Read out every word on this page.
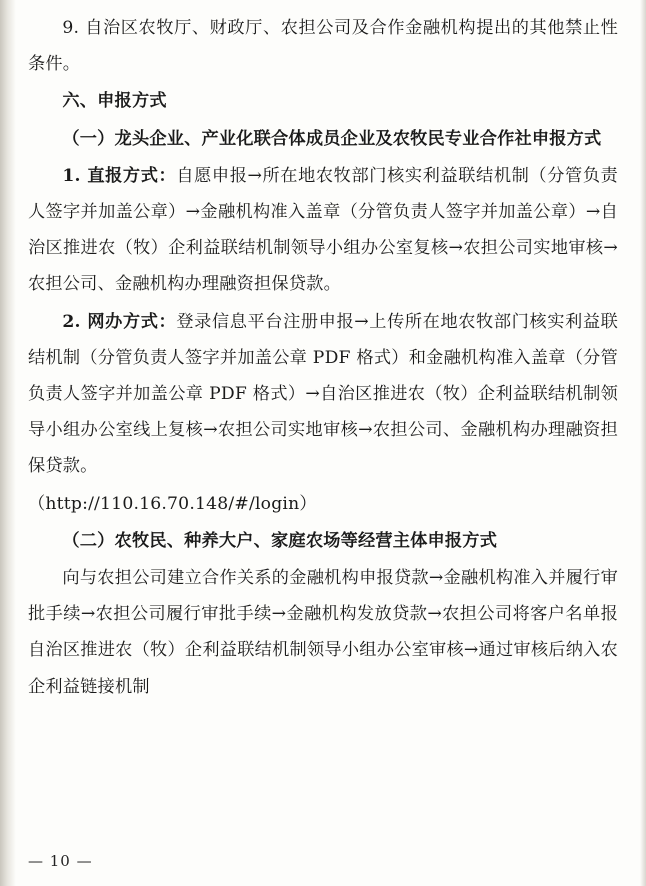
9. 自治区农牧厅、财政厅、农担公司及合作金融机构提出的其他禁止性条件。

六、申报方式

（一）龙头企业、产业化联合体成员企业及农牧民专业合作社申报方式

1. 直报方式：自愿申报→所在地农牧部门核实利益联结机制（分管负责人签字并加盖公章）→金融机构准入盖章（分管负责人签字并加盖公章）→自治区推进农（牧）企利益联结机制领导小组办公室复核→农担公司实地审核→农担公司、金融机构办理融资担保贷款。

2. 网办方式：登录信息平台注册申报→上传所在地农牧部门核实利益联结机制（分管负责人签字并加盖公章 PDF 格式）和金融机构准入盖章（分管负责人签字并加盖公章 PDF 格式）→自治区推进农（牧）企利益联结机制领导小组办公室线上复核→农担公司实地审核→农担公司、金融机构办理融资担保贷款。

（http://110.16.70.148/#/login）

（二）农牧民、种养大户、家庭农场等经营主体申报方式

向与农担公司建立合作关系的金融机构申报贷款→金融机构准入并履行审批手续→农担公司履行审批手续→金融机构发放贷款→农担公司将客户名单报自治区推进农（牧）企利益联结机制领导小组办公室审核→通过审核后纳入农企利益链接机制

— 10 —
